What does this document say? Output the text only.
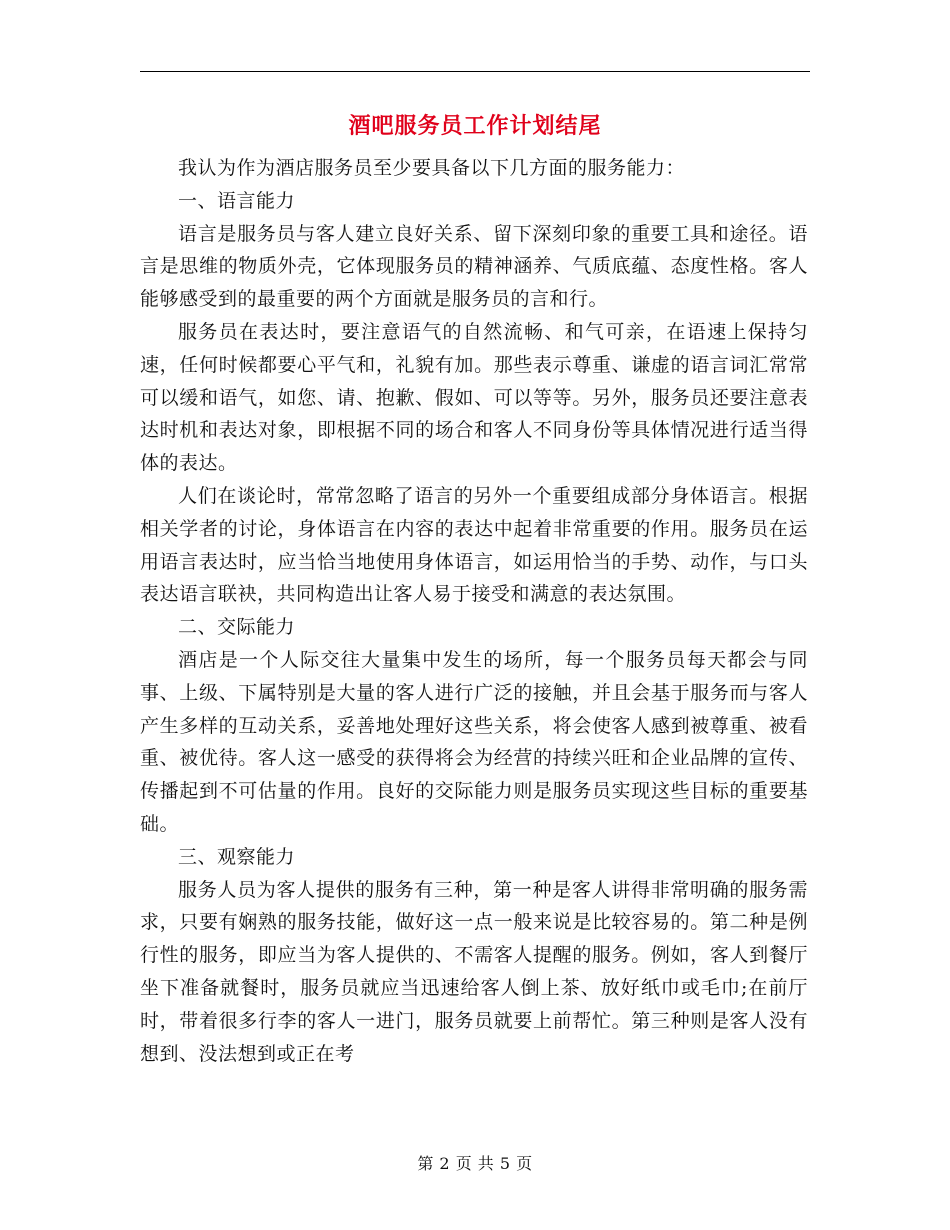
酒吧服务员工作计划结尾

我认为作为酒店服务员至少要具备以下几方面的服务能力：

一、语言能力

语言是服务员与客人建立良好关系、留下深刻印象的重要工具和途径。语言是思维的物质外壳，它体现服务员的精神涵养、气质底蕴、态度性格。客人能够感受到的最重要的两个方面就是服务员的言和行。

服务员在表达时，要注意语气的自然流畅、和气可亲，在语速上保持匀速，任何时候都要心平气和，礼貌有加。那些表示尊重、谦虚的语言词汇常常可以缓和语气，如您、请、抱歉、假如、可以等等。另外，服务员还要注意表达时机和表达对象，即根据不同的场合和客人不同身份等具体情况进行适当得体的表达。

人们在谈论时，常常忽略了语言的另外一个重要组成部分身体语言。根据相关学者的讨论，身体语言在内容的表达中起着非常重要的作用。服务员在运用语言表达时，应当恰当地使用身体语言，如运用恰当的手势、动作，与口头表达语言联袂，共同构造出让客人易于接受和满意的表达氛围。

二、交际能力

酒店是一个人际交往大量集中发生的场所，每一个服务员每天都会与同事、上级、下属特别是大量的客人进行广泛的接触，并且会基于服务而与客人产生多样的互动关系，妥善地处理好这些关系，将会使客人感到被尊重、被看重、被优待。客人这一感受的获得将会为经营的持续兴旺和企业品牌的宣传、传播起到不可估量的作用。良好的交际能力则是服务员实现这些目标的重要基础。

三、观察能力

服务人员为客人提供的服务有三种，第一种是客人讲得非常明确的服务需求，只要有娴熟的服务技能，做好这一点一般来说是比较容易的。第二种是例行性的服务，即应当为客人提供的、不需客人提醒的服务。例如，客人到餐厅坐下准备就餐时，服务员就应当迅速给客人倒上茶、放好纸巾或毛巾;在前厅时，带着很多行李的客人一进门，服务员就要上前帮忙。第三种则是客人没有想到、没法想到或正在考

第 2 页 共 5 页
